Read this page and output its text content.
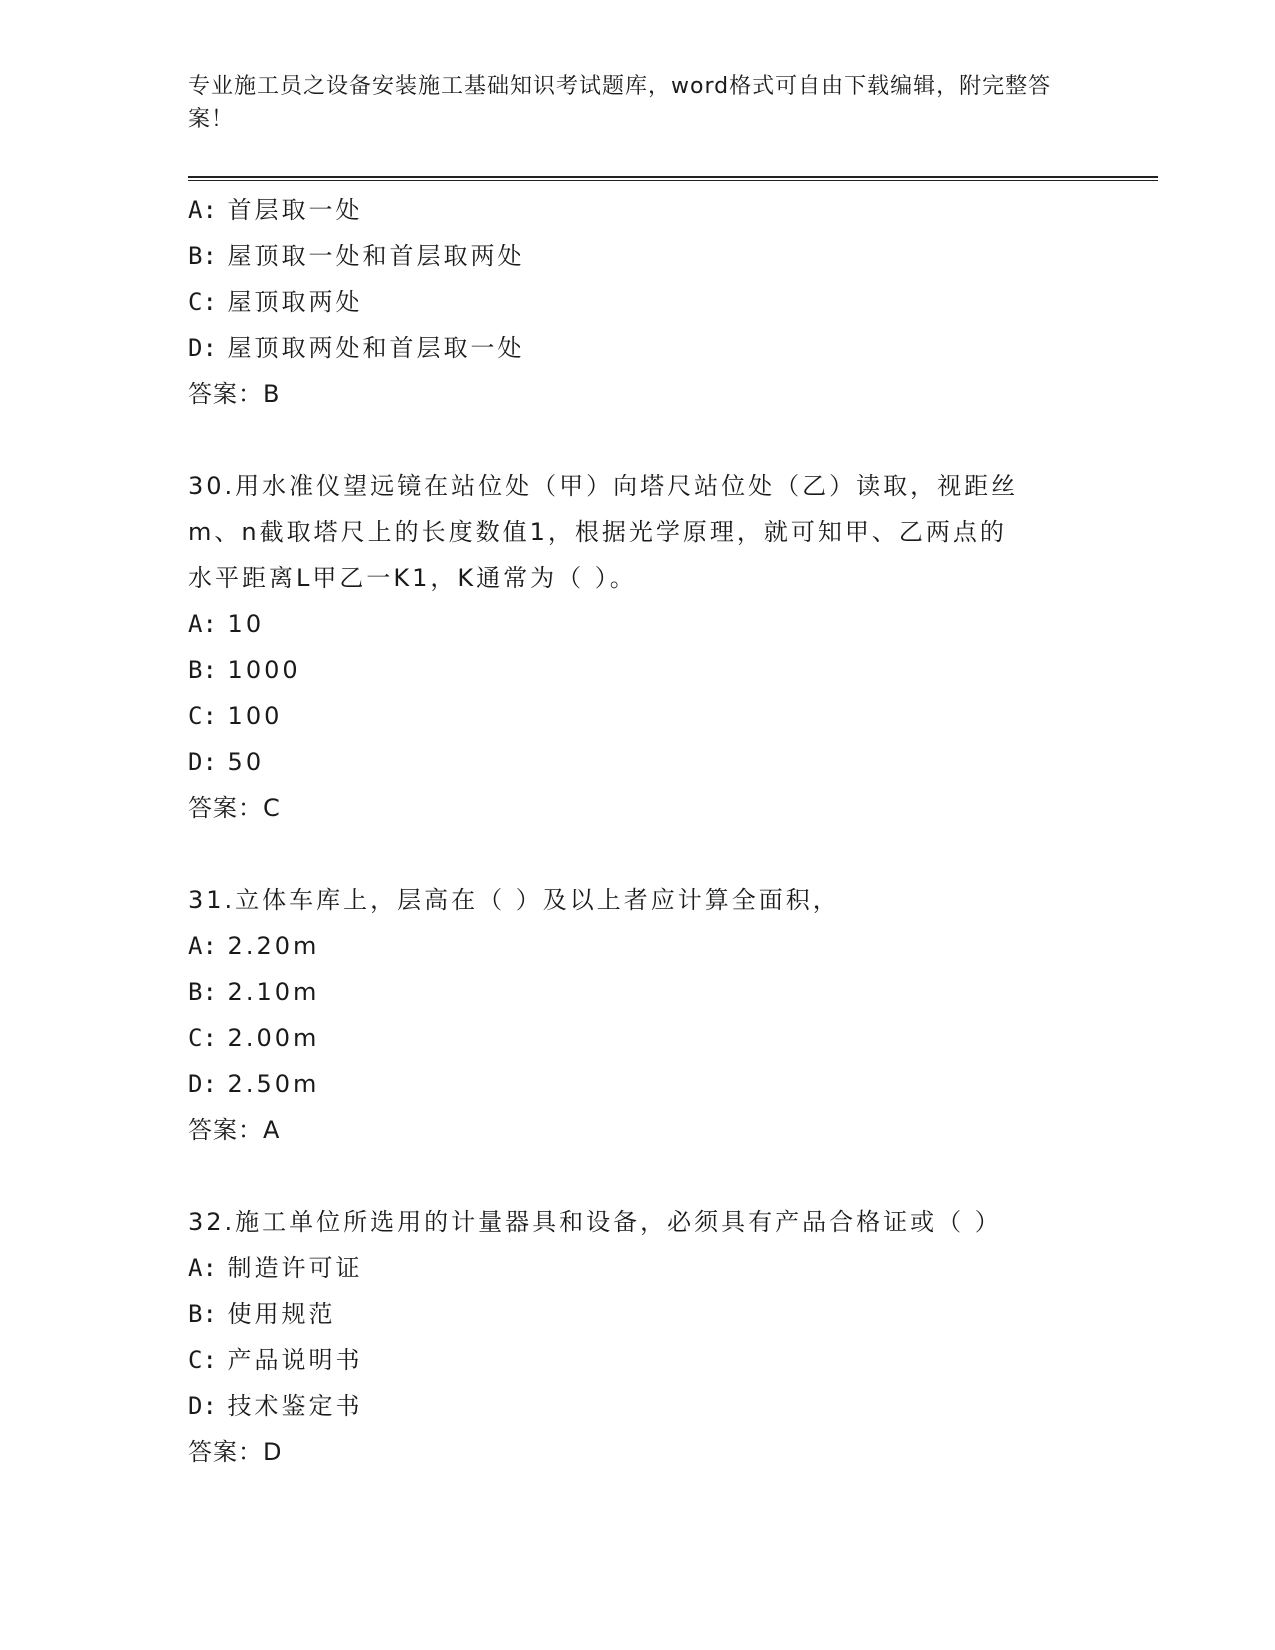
专业施工员之设备安装施工基础知识考试题库，word格式可自由下载编辑，附完整答案！
A: 首层取一处
B: 屋顶取一处和首层取两处
C: 屋顶取两处
D: 屋顶取两处和首层取一处
答案：B
30.用水准仪望远镜在站位处（甲）向塔尺站位处（乙）读取，视距丝
m、n截取塔尺上的长度数值1，根据光学原理，就可知甲、乙两点的
水平距离L甲乙一K1，K通常为（ ）。
A: 10
B: 1000
C: 100
D: 50
答案：C
31.立体车库上，层高在（ ）及以上者应计算全面积，
A: 2.20m
B: 2.10m
C: 2.00m
D: 2.50m
答案：A
32.施工单位所选用的计量器具和设备，必须具有产品合格证或（ ）
A: 制造许可证
B: 使用规范
C: 产品说明书
D: 技术鉴定书
答案：D
